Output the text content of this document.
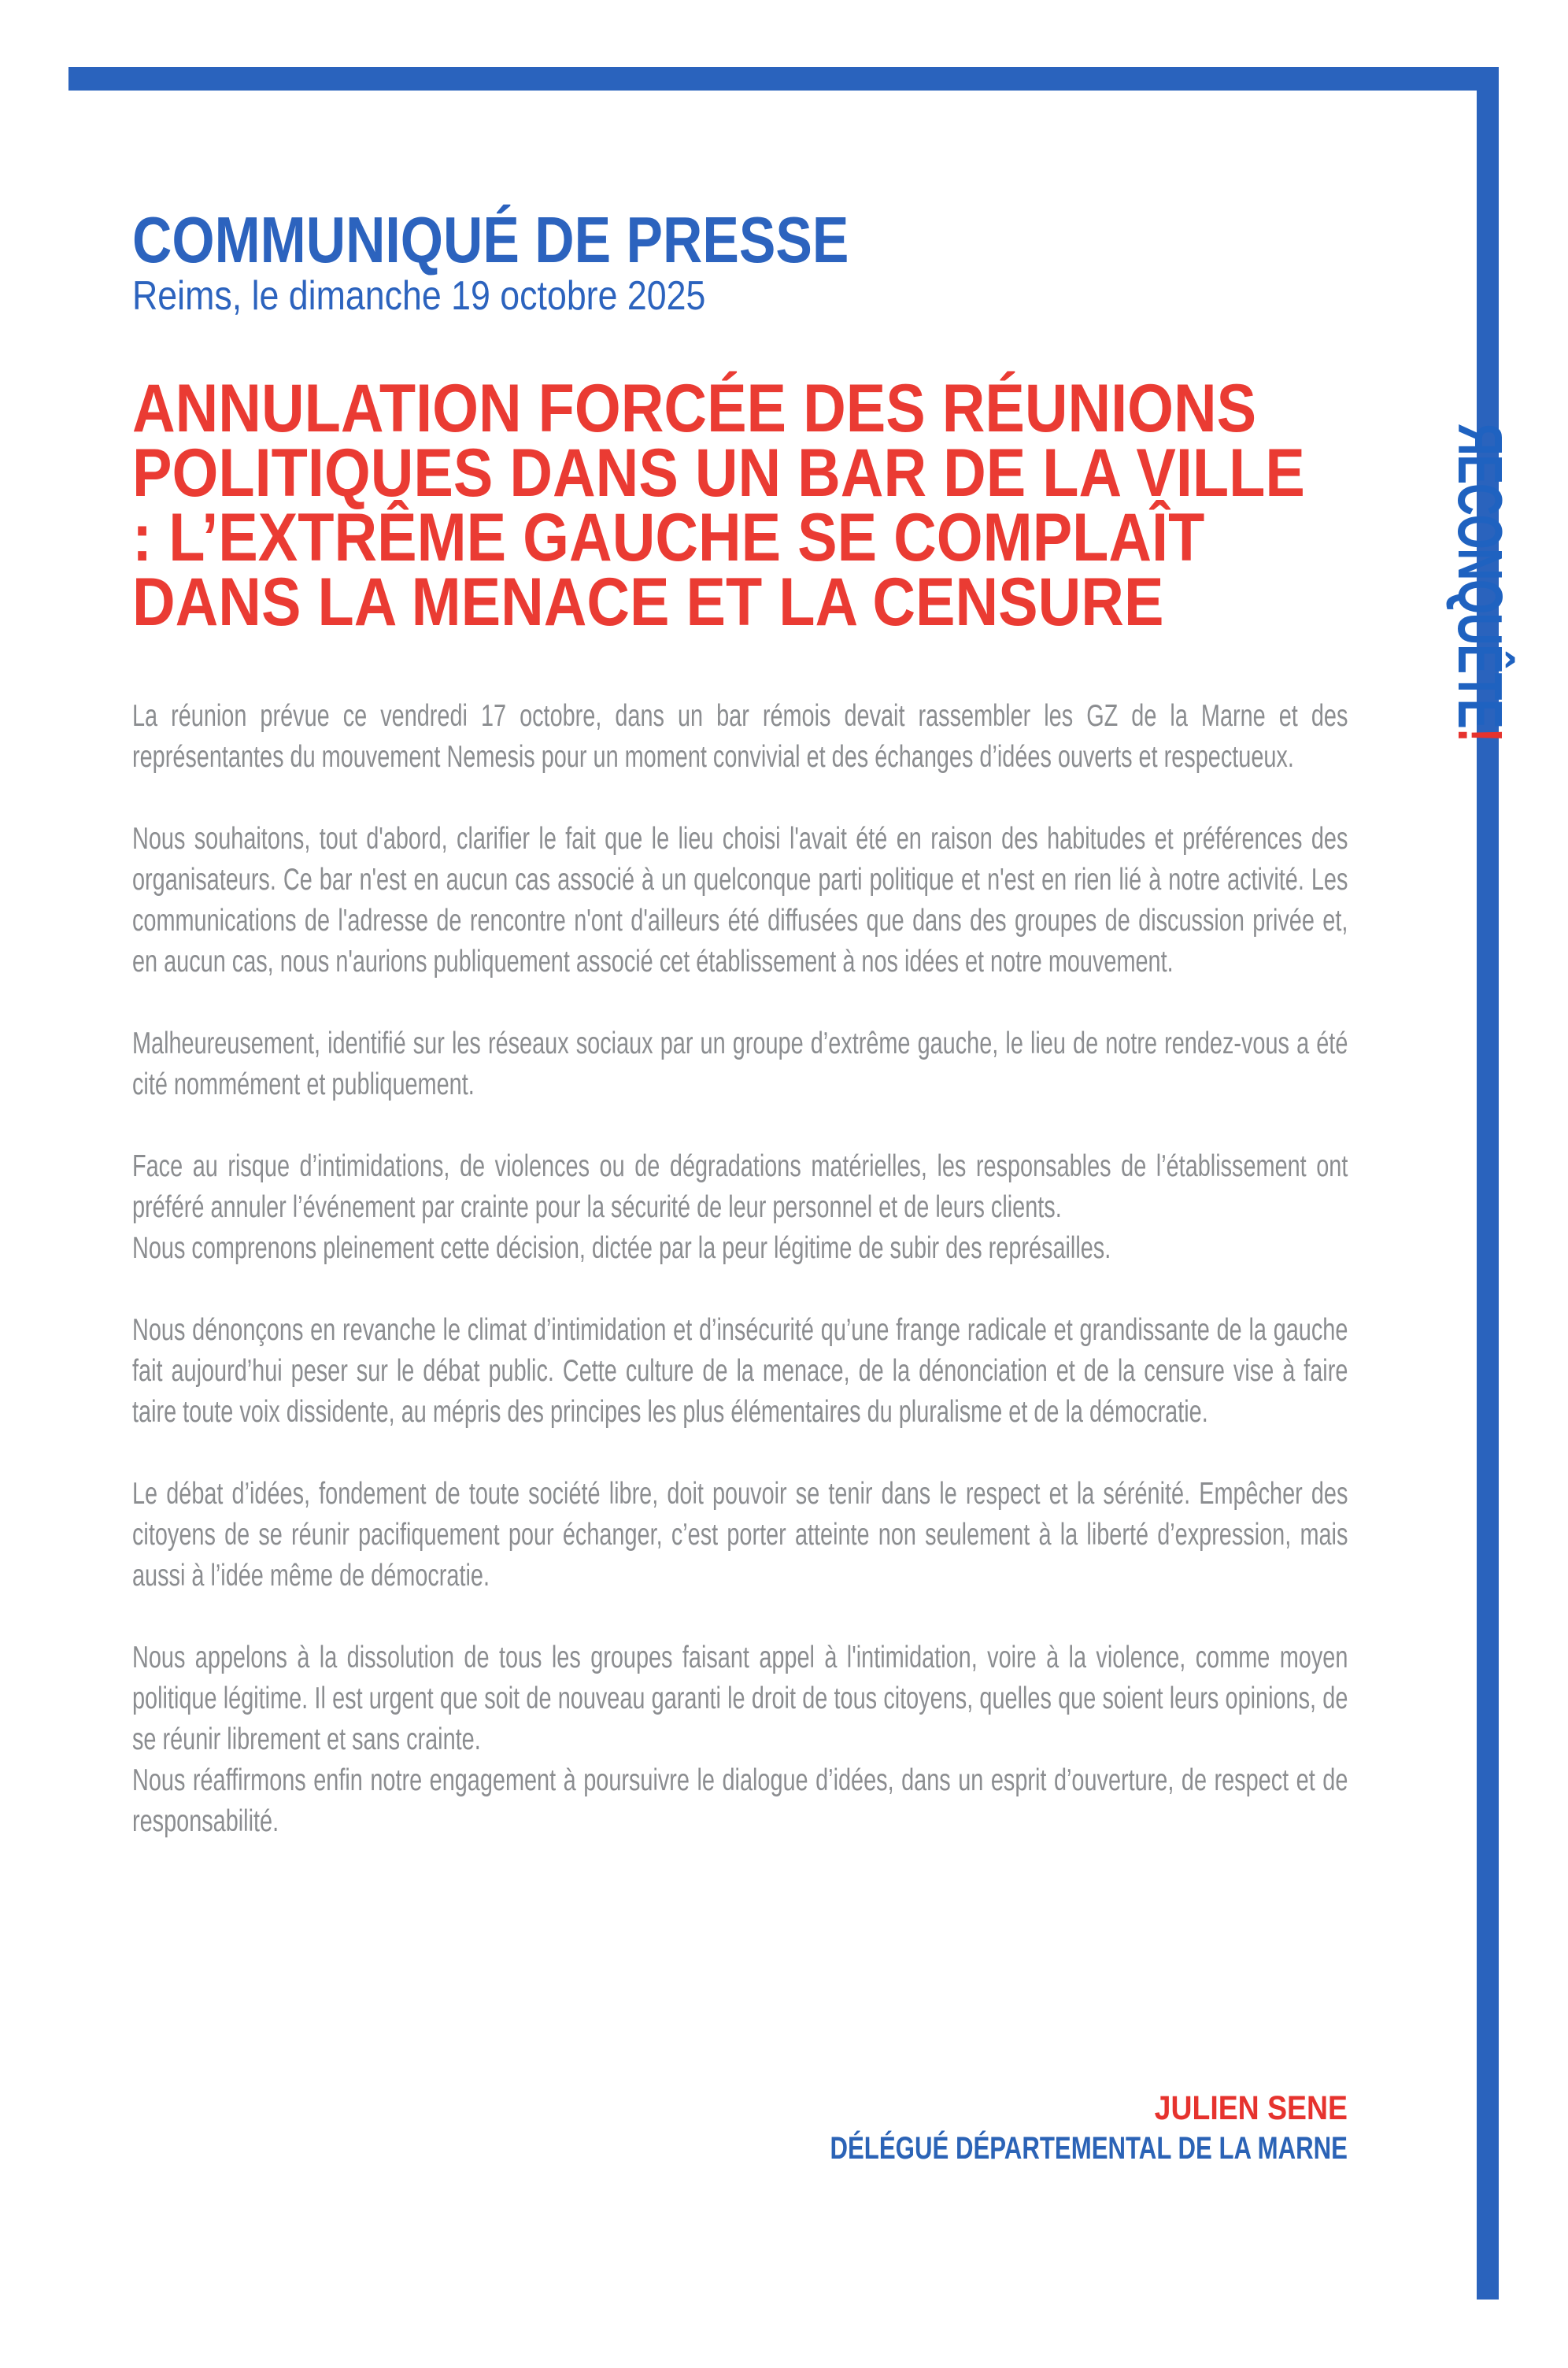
ЯECONQUÊTE!
COMMUNIQUÉ DE PRESSE
Reims, le dimanche 19 octobre 2025
ANNULATION FORCÉE DES RÉUNIONS
POLITIQUES DANS UN BAR DE LA VILLE
: L’EXTRÊME GAUCHE SE COMPLAÎT
DANS LA MENACE ET LA CENSURE

La réunion prévue ce vendredi 17 octobre, dans un bar rémois devait rassembler les GZ de la Marne et des représentantes du mouvement Nemesis pour un moment convivial et des échanges d’idées ouverts et respectueux.

Nous souhaitons, tout d'abord, clarifier le fait que le lieu choisi l'avait été en raison des habitudes et préférences des organisateurs. Ce bar n'est en aucun cas associé à un quelconque parti politique et n'est en rien lié à notre activité. Les communications de l'adresse de rencontre n'ont d'ailleurs été diffusées que dans des groupes de discussion privée et, en aucun cas, nous n'aurions publiquement associé cet établissement à nos idées et notre mouvement.

Malheureusement, identifié sur les réseaux sociaux par un groupe d’extrême gauche, le lieu de notre rendez-vous a été cité nommément et publiquement.

Face au risque d’intimidations, de violences ou de dégradations matérielles, les responsables de l’établissement ont préféré annuler l’événement par crainte pour la sécurité de leur personnel et de leurs clients.

Nous comprenons pleinement cette décision, dictée par la peur légitime de subir des représailles.

Nous dénonçons en revanche le climat d’intimidation et d’insécurité qu’une frange radicale et grandissante de la gauche fait aujourd’hui peser sur le débat public. Cette culture de la menace, de la dénonciation et de la censure vise à faire taire toute voix dissidente, au mépris des principes les plus élémentaires du pluralisme et de la démocratie.

Le débat d’idées, fondement de toute société libre, doit pouvoir se tenir dans le respect et la sérénité. Empêcher des citoyens de se réunir pacifiquement pour échanger, c’est porter atteinte non seulement à la liberté d’expression, mais aussi à l’idée même de démocratie.

Nous appelons à la dissolution de tous les groupes faisant appel à l'intimidation, voire à la violence, comme moyen politique légitime. Il est urgent que soit de nouveau garanti le droit de tous citoyens, quelles que soient leurs opinions, de se réunir librement et sans crainte.

Nous réaffirmons enfin notre engagement à poursuivre le dialogue d’idées, dans un esprit d’ouverture, de respect et de responsabilité.

JULIEN SENE
DÉLÉGUÉ DÉPARTEMENTAL DE LA MARNE
